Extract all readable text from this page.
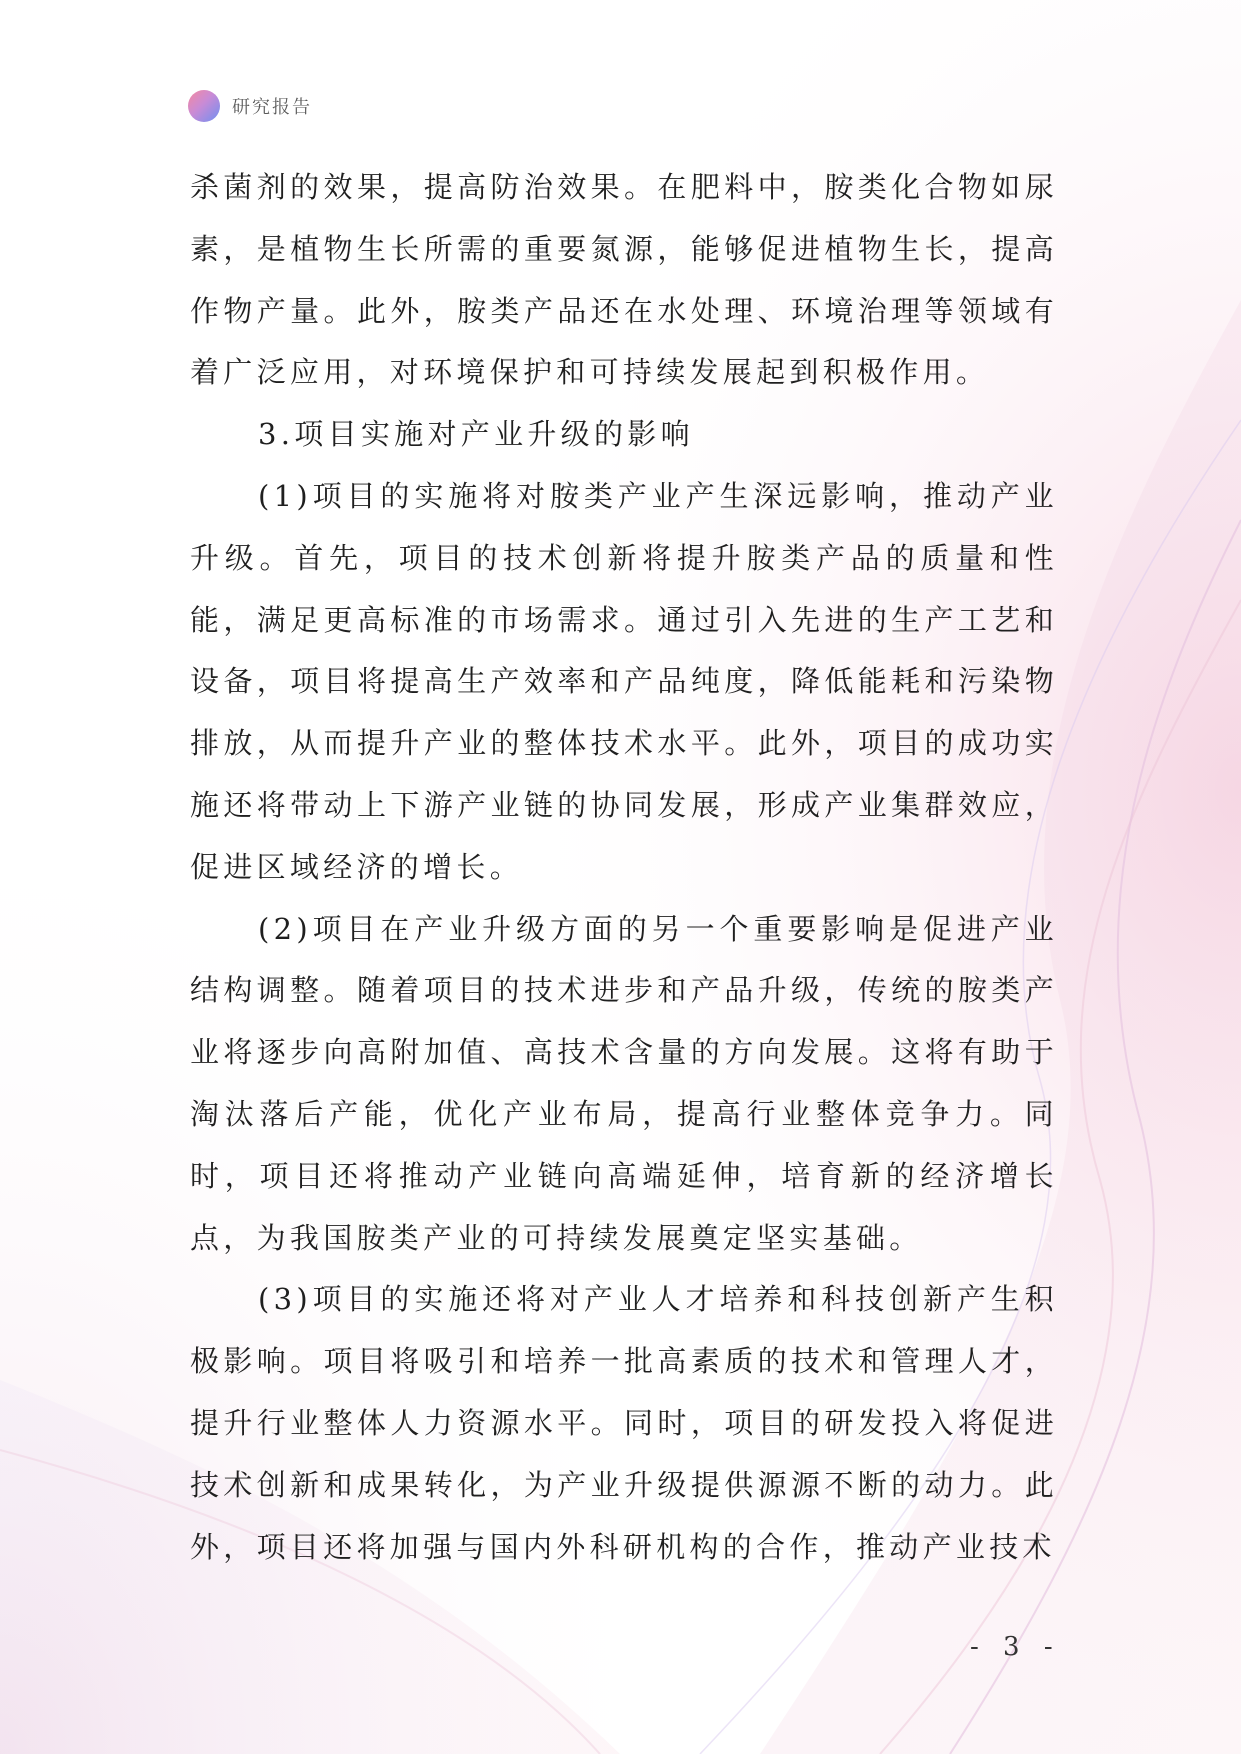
研究报告

杀菌剂的效果，提高防治效果。在肥料中，胺类化合物如尿素，是植物生长所需的重要氮源，能够促进植物生长，提高作物产量。此外，胺类产品还在水处理、环境治理等领域有着广泛应用，对环境保护和可持续发展起到积极作用。

3.项目实施对产业升级的影响

(1)项目的实施将对胺类产业产生深远影响，推动产业升级。首先，项目的技术创新将提升胺类产品的质量和性能，满足更高标准的市场需求。通过引入先进的生产工艺和设备，项目将提高生产效率和产品纯度，降低能耗和污染物排放，从而提升产业的整体技术水平。此外，项目的成功实施还将带动上下游产业链的协同发展，形成产业集群效应，促进区域经济的增长。

(2)项目在产业升级方面的另一个重要影响是促进产业结构调整。随着项目的技术进步和产品升级，传统的胺类产业将逐步向高附加值、高技术含量的方向发展。这将有助于淘汰落后产能，优化产业布局，提高行业整体竞争力。同时，项目还将推动产业链向高端延伸，培育新的经济增长点，为我国胺类产业的可持续发展奠定坚实基础。

(3)项目的实施还将对产业人才培养和科技创新产生积极影响。项目将吸引和培养一批高素质的技术和管理人才，提升行业整体人力资源水平。同时，项目的研发投入将促进技术创新和成果转化，为产业升级提供源源不断的动力。此外，项目还将加强与国内外科研机构的合作，推动产业技术

- 3 -
